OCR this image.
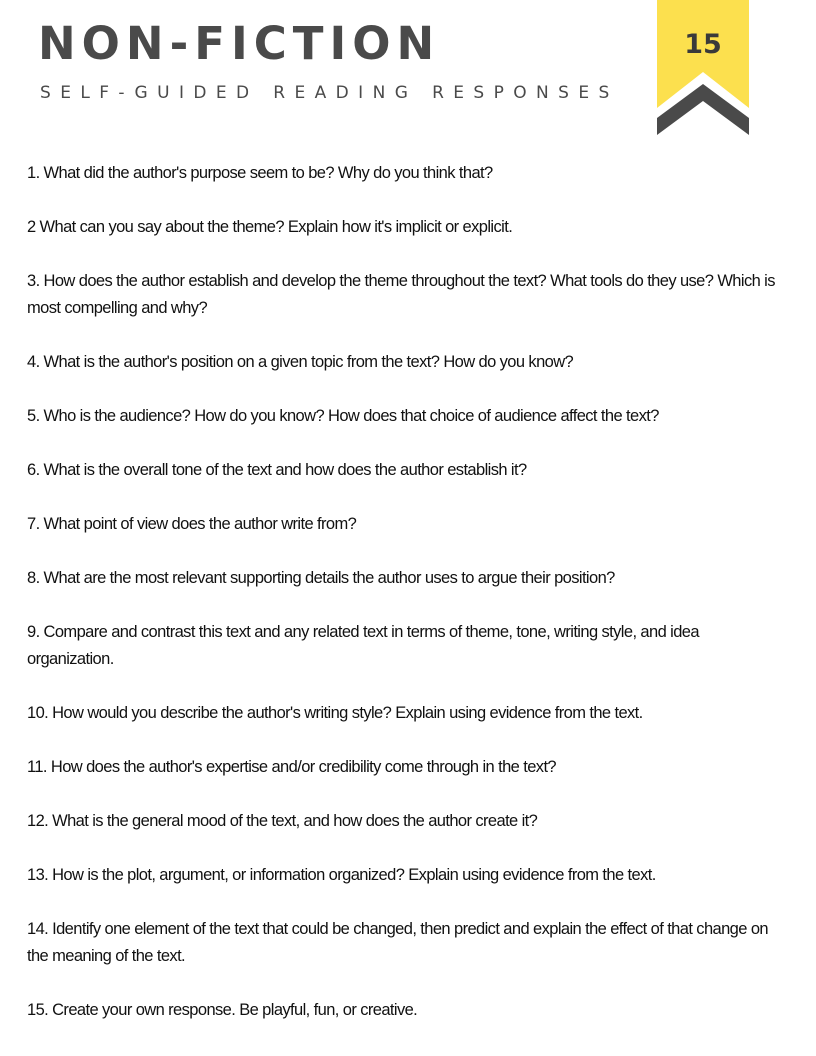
NON-FICTION

SELF-GUIDED READING RESPONSES

15
1. What did the author's purpose seem to be? Why do you think that?
2 What can you say about the theme? Explain how it's implicit or explicit.
3. How does the author establish and develop the theme throughout the text? What tools do they use? Which is most compelling and why?
4. What is the author's position on a given topic from the text? How do you know?
5. Who is the audience? How do you know? How does that choice of audience affect the text?
6. What is the overall tone of the text and how does the author establish it?
7. What point of view does the author write from?
8. What are the most relevant supporting details the author uses to argue their position?
9. Compare and contrast this text and any related text in terms of theme, tone, writing style, and idea organization.
10. How would you describe the author's writing style? Explain using evidence from the text.
11. How does the author's expertise and/or credibility come through in the text?
12. What is the general mood of the text, and how does the author create it?
13. How is the plot, argument, or information organized? Explain using evidence from the text.
14. Identify one element of the text that could be changed, then predict and explain the effect of that change on the meaning of the text.
15. Create your own response. Be playful, fun, or creative.
